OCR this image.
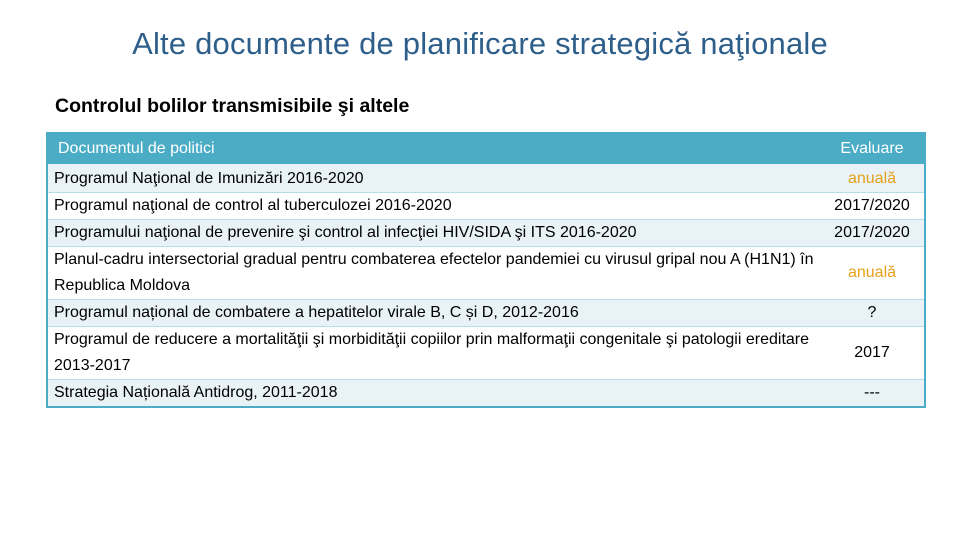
Alte documente de planificare strategică naţionale
Controlul bolilor transmisibile şi altele
Documentul de politici	Evaluare
Programul Naţional de Imunizări 2016-2020	anuală
Programul naţional de control al tuberculozei 2016-2020	2017/2020
Programului naţional de prevenire şi control al infecţiei HIV/SIDA şi ITS 2016-2020	2017/2020
Planul-cadru intersectorial gradual pentru combaterea efectelor pandemiei cu virusul gripal nou A (H1N1) în Republica Moldova	anuală
Programul național de combatere a hepatitelor virale B, C și D, 2012-2016	?
Programul de reducere a mortalităţii şi morbidităţii copiilor prin malformaţii congenitale şi patologii ereditare 2013-2017	2017
Strategia Națională Antidrog, 2011-2018	---
